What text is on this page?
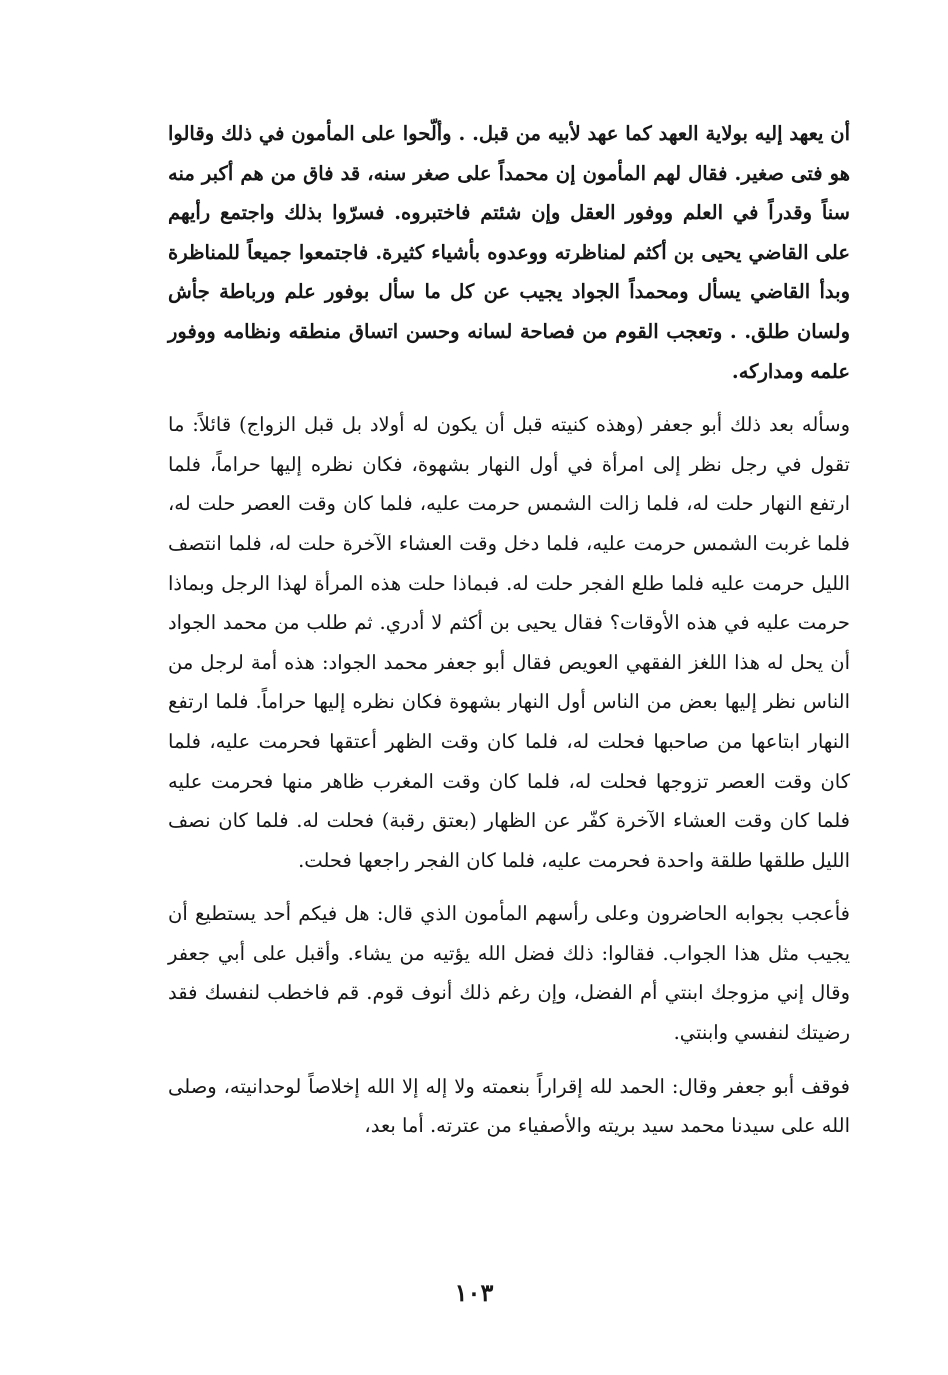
أن يعهد إليه بولاية العهد كما عهد لأبيه من قبل. . وألّحوا على المأمون في ذلك وقالوا هو فتى صغير. فقال لهم المأمون إن محمداً على صغر سنه، قد فاق من هم أكبر منه سناً وقدراً في العلم ووفور العقل وإن شئتم فاختبروه. فسرّوا بذلك واجتمع رأيهم على القاضي يحيى بن أكثم لمناظرته ووعدوه بأشياء كثيرة. فاجتمعوا جميعاً للمناظرة وبدأ القاضي يسأل ومحمداً الجواد يجيب عن كل ما سأل بوفور علم ورباطة جأش ولسان طلق. . وتعجب القوم من فصاحة لسانه وحسن اتساق منطقه ونظامه ووفور علمه ومداركه.

وسأله بعد ذلك أبو جعفر (وهذه كنيته قبل أن يكون له أولاد بل قبل الزواج) قائلاً: ما تقول في رجل نظر إلى امرأة في أول النهار بشهوة، فكان نظره إليها حراماً، فلما ارتفع النهار حلت له، فلما زالت الشمس حرمت عليه، فلما كان وقت العصر حلت له، فلما غربت الشمس حرمت عليه، فلما دخل وقت العشاء الآخرة حلت له، فلما انتصف الليل حرمت عليه فلما طلع الفجر حلت له. فبماذا حلت هذه المرأة لهذا الرجل وبماذا حرمت عليه في هذه الأوقات؟ فقال يحيى بن أكثم لا أدري. ثم طلب من محمد الجواد أن يحل له هذا اللغز الفقهي العويص فقال أبو جعفر محمد الجواد: هذه أمة لرجل من الناس نظر إليها بعض من الناس أول النهار بشهوة فكان نظره إليها حراماً. فلما ارتفع النهار ابتاعها من صاحبها فحلت له، فلما كان وقت الظهر أعتقها فحرمت عليه، فلما كان وقت العصر تزوجها فحلت له، فلما كان وقت المغرب ظاهر منها فحرمت عليه فلما كان وقت العشاء الآخرة كفّر عن الظهار (بعتق رقبة) فحلت له. فلما كان نصف الليل طلقها طلقة واحدة فحرمت عليه، فلما كان الفجر راجعها فحلت.

فأعجب بجوابه الحاضرون وعلى رأسهم المأمون الذي قال: هل فيكم أحد يستطيع أن يجيب مثل هذا الجواب. فقالوا: ذلك فضل الله يؤتيه من يشاء. وأقبل على أبي جعفر وقال إني مزوجك ابنتي أم الفضل، وإن رغم ذلك أنوف قوم. قم فاخطب لنفسك فقد رضيتك لنفسي وابنتي.

فوقف أبو جعفر وقال: الحمد لله إقراراً بنعمته ولا إله إلا الله إخلاصاً لوحدانيته، وصلى الله على سيدنا محمد سيد بريته والأصفياء من عترته. أما بعد،

١٠٣
